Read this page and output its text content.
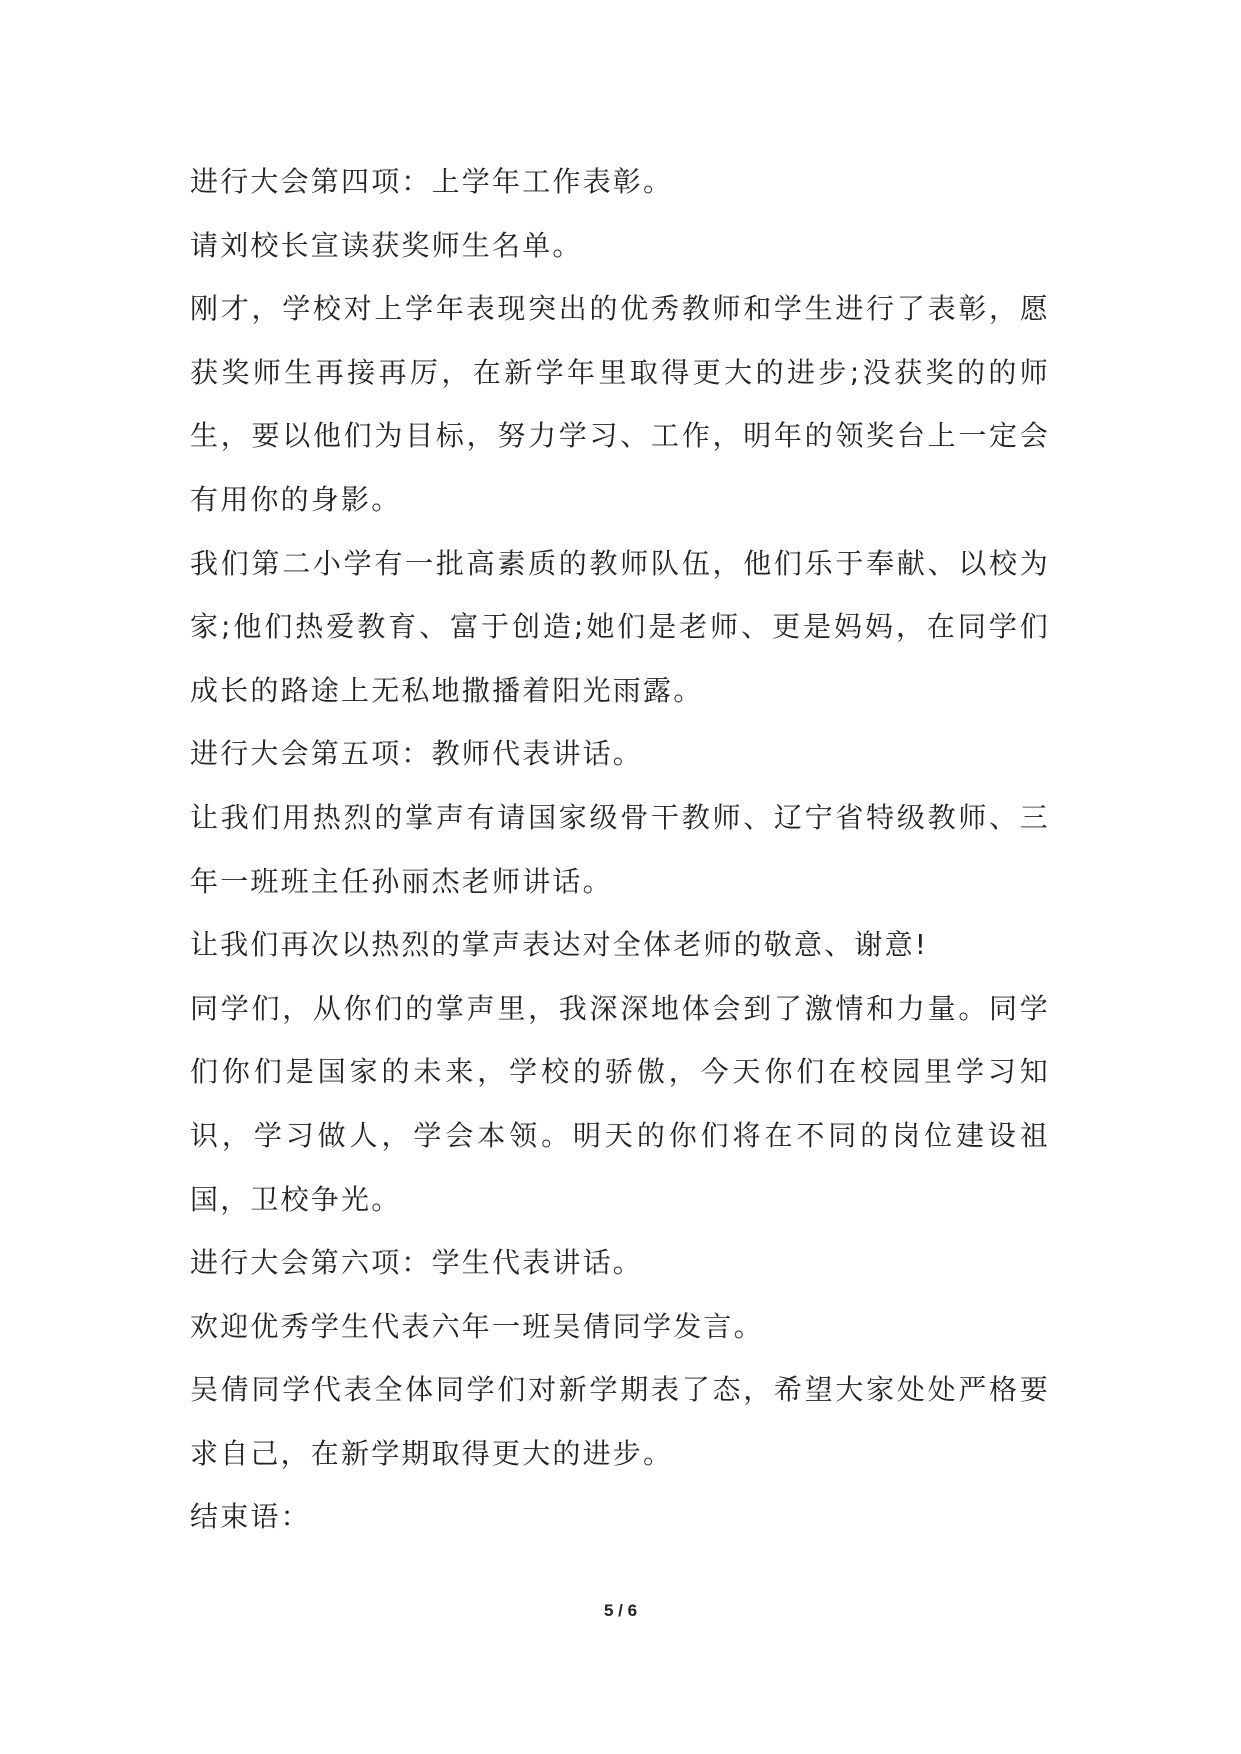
进行大会第四项：上学年工作表彰。

请刘校长宣读获奖师生名单。

刚才，学校对上学年表现突出的优秀教师和学生进行了表彰，愿获奖师生再接再厉，在新学年里取得更大的进步;没获奖的的师生，要以他们为目标，努力学习、工作，明年的领奖台上一定会有用你的身影。

我们第二小学有一批高素质的教师队伍，他们乐于奉献、以校为家;他们热爱教育、富于创造;她们是老师、更是妈妈，在同学们成长的路途上无私地撒播着阳光雨露。

进行大会第五项：教师代表讲话。

让我们用热烈的掌声有请国家级骨干教师、辽宁省特级教师、三年一班班主任孙丽杰老师讲话。

让我们再次以热烈的掌声表达对全体老师的敬意、谢意!

同学们，从你们的掌声里，我深深地体会到了激情和力量。同学们你们是国家的未来，学校的骄傲，今天你们在校园里学习知识，学习做人，学会本领。明天的你们将在不同的岗位建设祖国，卫校争光。

进行大会第六项：学生代表讲话。

欢迎优秀学生代表六年一班吴倩同学发言。

吴倩同学代表全体同学们对新学期表了态，希望大家处处严格要求自己，在新学期取得更大的进步。

结束语：

5 / 6
